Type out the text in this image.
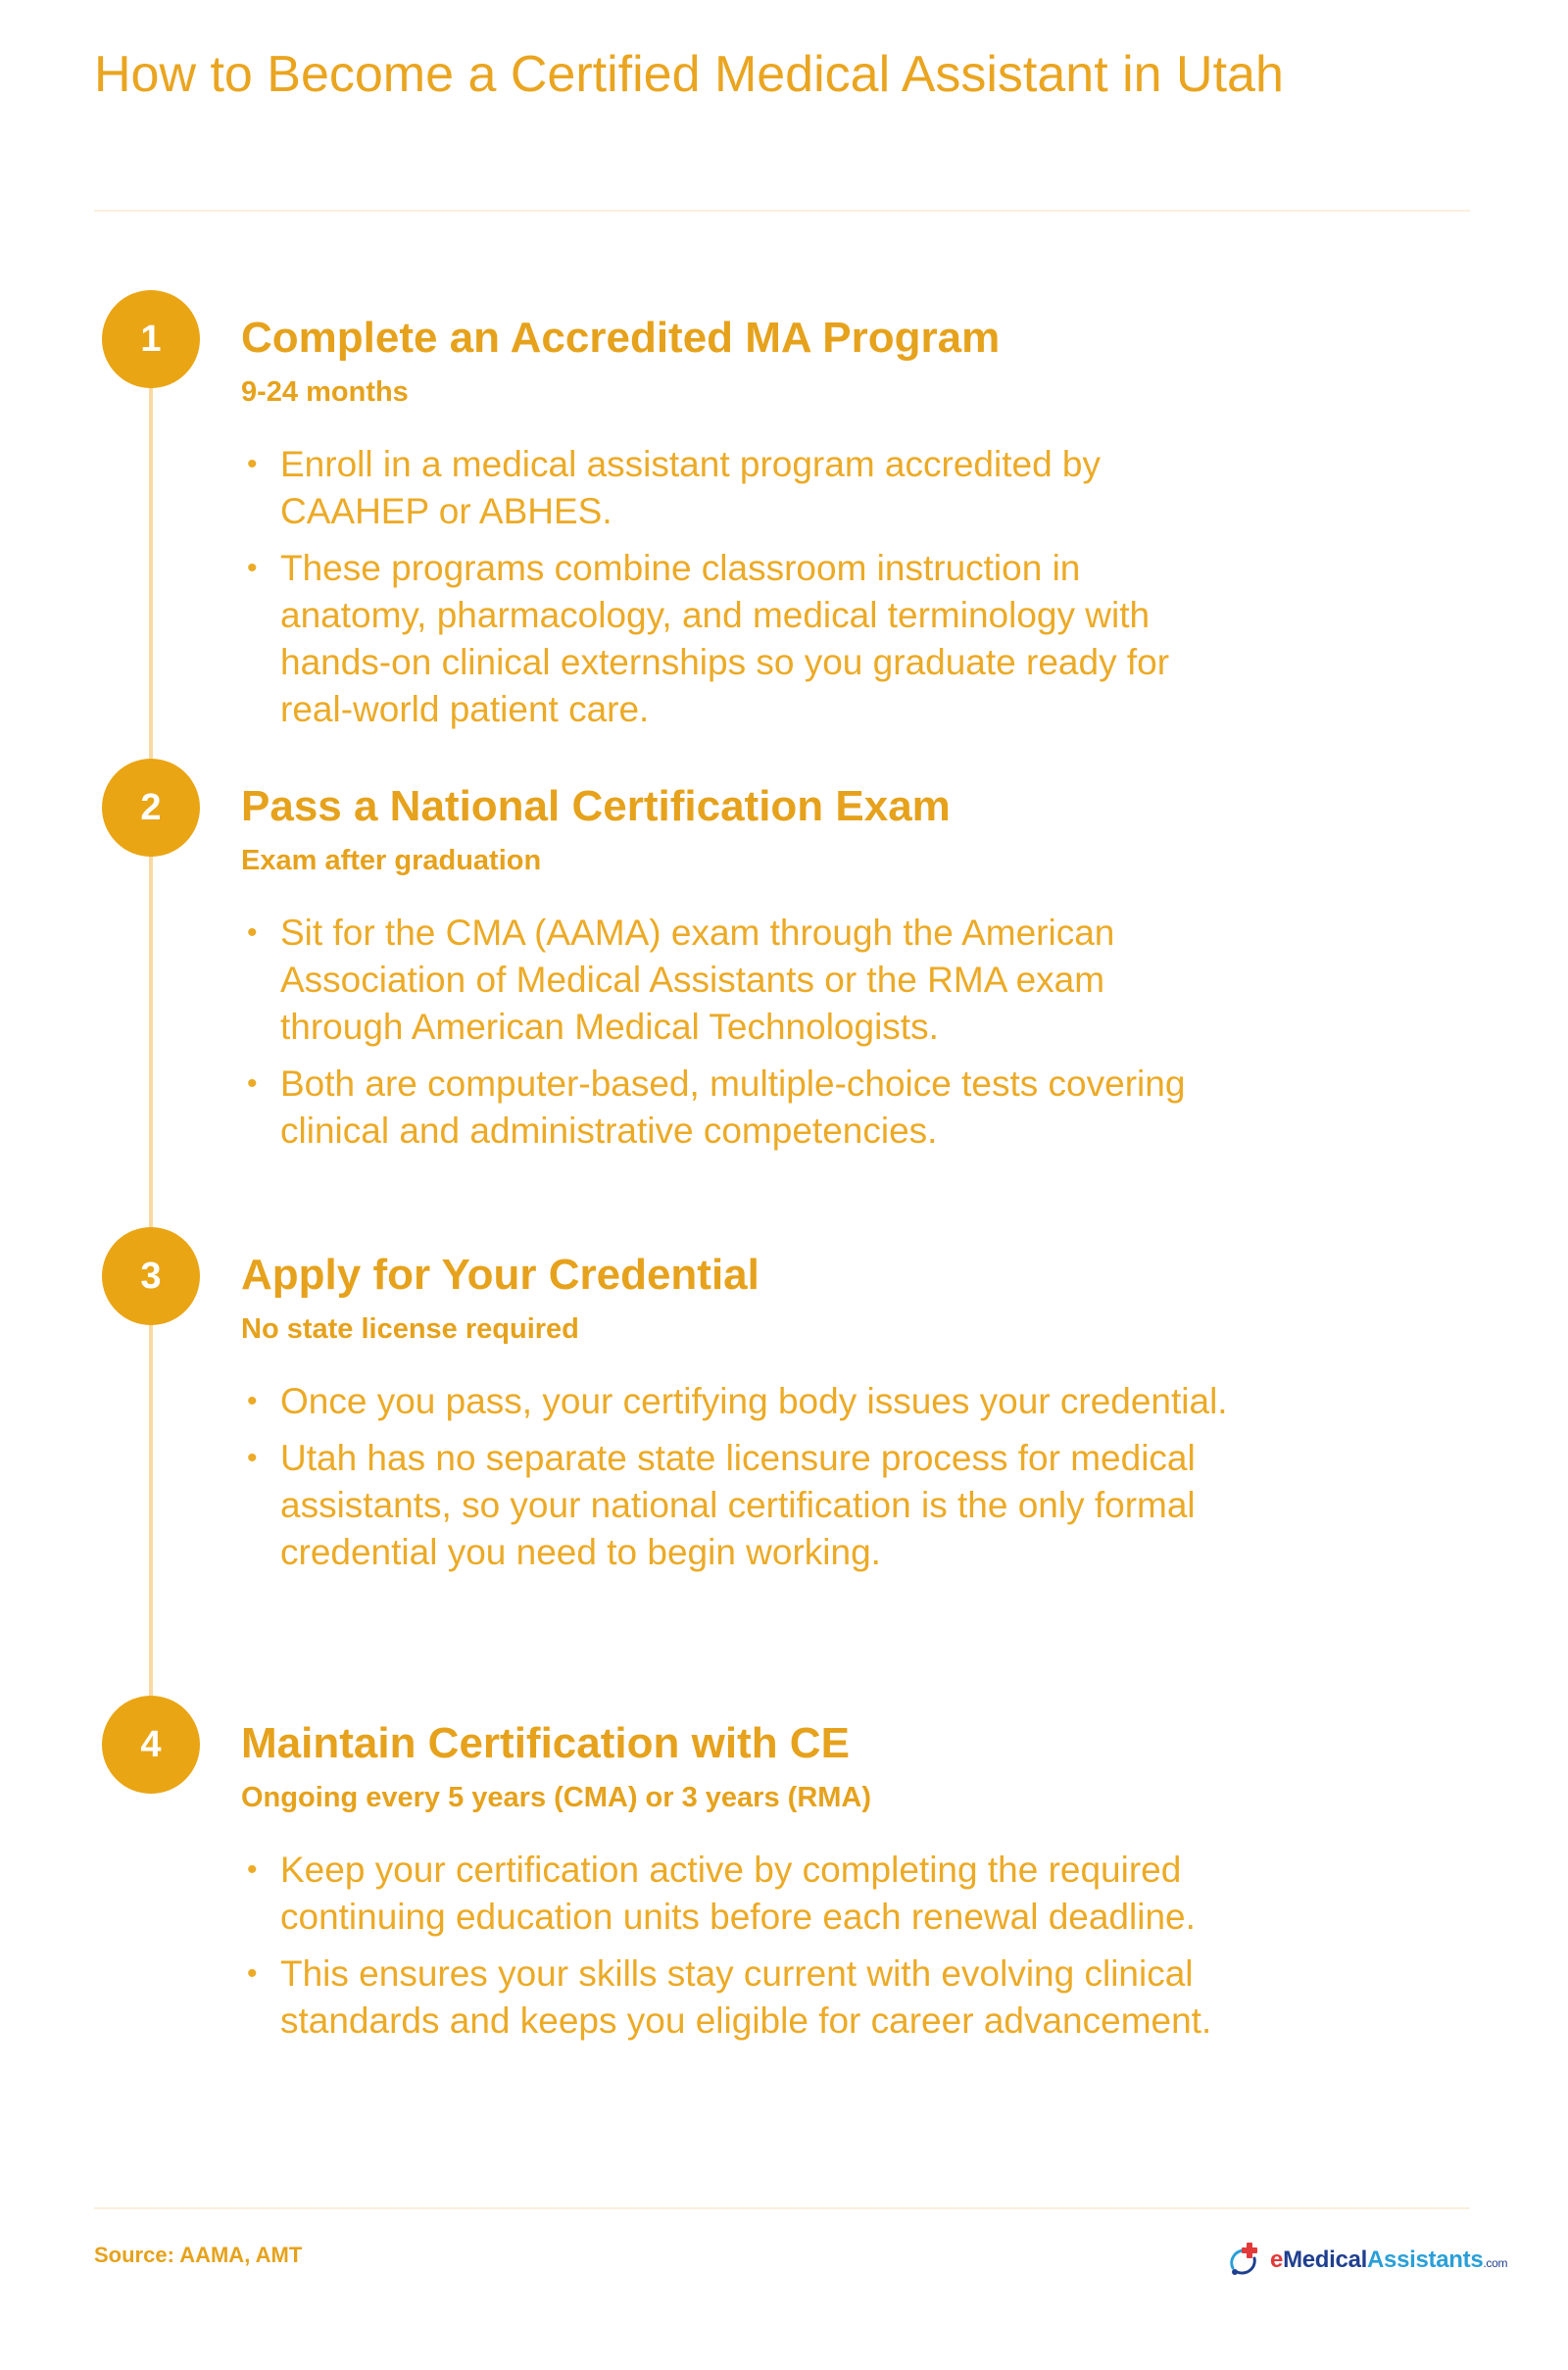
How to Become a Certified Medical Assistant in Utah
1	Complete an Accredited MA Program
9-24 months
• Enroll in a medical assistant program accredited by CAAHEP or ABHES.
• These programs combine classroom instruction in anatomy, pharmacology, and medical terminology with hands-on clinical externships so you graduate ready for real-world patient care.
2	Pass a National Certification Exam
Exam after graduation
• Sit for the CMA (AAMA) exam through the American Association of Medical Assistants or the RMA exam through American Medical Technologists.
• Both are computer-based, multiple-choice tests covering clinical and administrative competencies.
3	Apply for Your Credential
No state license required
• Once you pass, your certifying body issues your credential.
• Utah has no separate state licensure process for medical assistants, so your national certification is the only formal credential you need to begin working.
4	Maintain Certification with CE
Ongoing every 5 years (CMA) or 3 years (RMA)
• Keep your certification active by completing the required continuing education units before each renewal deadline.
• This ensures your skills stay current with evolving clinical standards and keeps you eligible for career advancement.
Source: AAMA, AMT	eMedicalAssistants.com
